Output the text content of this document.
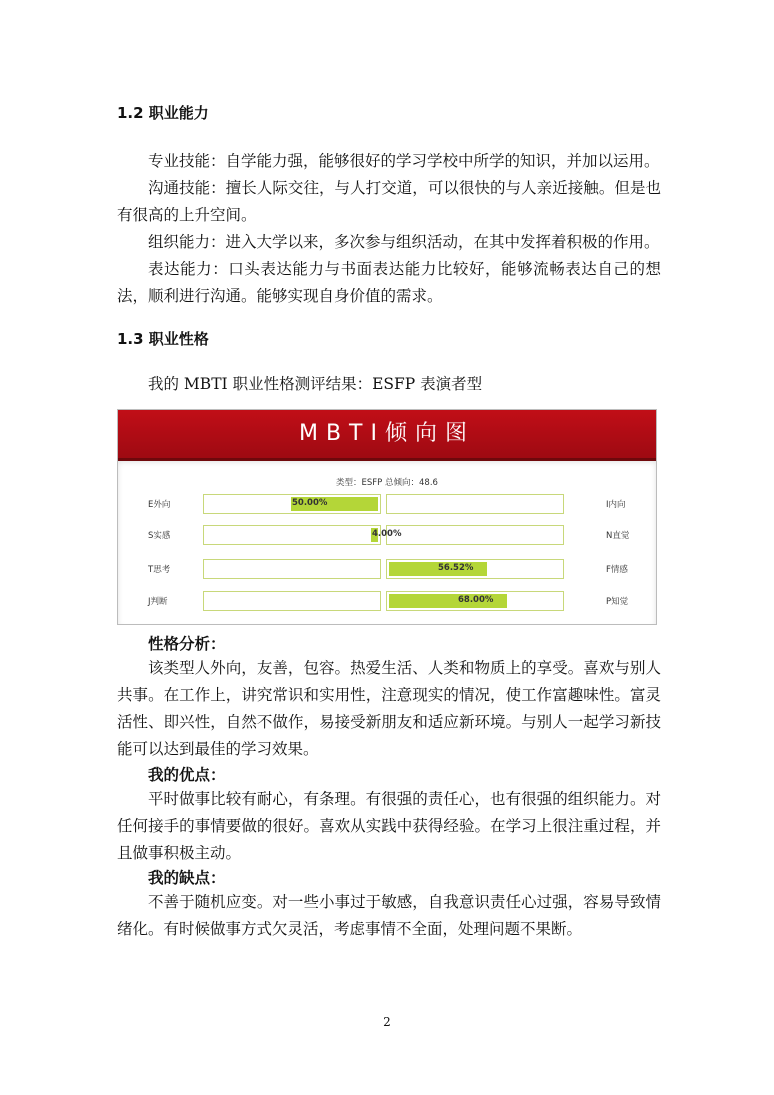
1.2 职业能力

专业技能：自学能力强，能够很好的学习学校中所学的知识，并加以运用。

沟通技能：擅长人际交往，与人打交道，可以很快的与人亲近接触。但是也有很高的上升空间。

组织能力：进入大学以来，多次参与组织活动，在其中发挥着积极的作用。

表达能力：口头表达能力与书面表达能力比较好，能够流畅表达自己的想法，顺利进行沟通。能够实现自身价值的需求。

1.3 职业性格
我的 MBTI 职业性格测评结果：ESFP 表演者型
MBTI倾向图
类型：ESFP 总倾向：48.6
E外向	50.00%	I内向
S实感	4.00%	N直觉
T思考	56.52%	F情感
J判断	68.00%	P知觉
性格分析：

该类型人外向，友善，包容。热爱生活、人类和物质上的享受。喜欢与别人共事。在工作上，讲究常识和实用性，注意现实的情况，使工作富趣味性。富灵活性、即兴性，自然不做作，易接受新朋友和适应新环境。与别人一起学习新技能可以达到最佳的学习效果。

我的优点：

平时做事比较有耐心，有条理。有很强的责任心，也有很强的组织能力。对任何接手的事情要做的很好。喜欢从实践中获得经验。在学习上很注重过程，并且做事积极主动。

我的缺点：

不善于随机应变。对一些小事过于敏感，自我意识责任心过强，容易导致情绪化。有时候做事方式欠灵活，考虑事情不全面，处理问题不果断。

2
